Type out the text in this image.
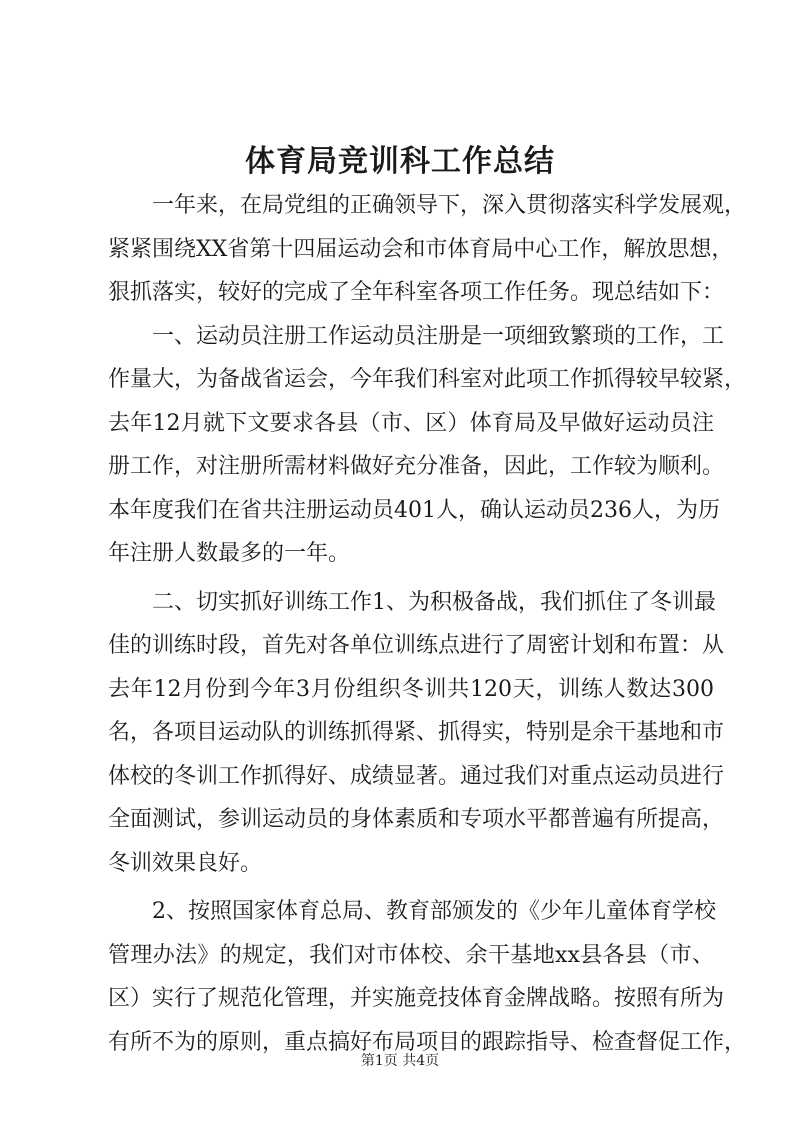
体育局竞训科工作总结
一年来，在局党组的正确领导下，深入贯彻落实科学发展观，
紧紧围绕XX省第十四届运动会和市体育局中心工作，解放思想，
狠抓落实，较好的完成了全年科室各项工作任务。现总结如下：
一、运动员注册工作运动员注册是一项细致繁琐的工作，工
作量大，为备战省运会，今年我们科室对此项工作抓得较早较紧，
去年12月就下文要求各县（市、区）体育局及早做好运动员注
册工作，对注册所需材料做好充分准备，因此，工作较为顺利。
本年度我们在省共注册运动员401人，确认运动员236人，为历
年注册人数最多的一年。
二、切实抓好训练工作1、为积极备战，我们抓住了冬训最
佳的训练时段，首先对各单位训练点进行了周密计划和布置：从
去年12月份到今年3月份组织冬训共120天，训练人数达300
名，各项目运动队的训练抓得紧、抓得实，特别是余干基地和市
体校的冬训工作抓得好、成绩显著。通过我们对重点运动员进行
全面测试，参训运动员的身体素质和专项水平都普遍有所提高，
冬训效果良好。
2、按照国家体育总局、教育部颁发的《少年儿童体育学校
管理办法》的规定，我们对市体校、余干基地xx县各县（市、
区）实行了规范化管理，并实施竞技体育金牌战略。按照有所为
有所不为的原则，重点搞好布局项目的跟踪指导、检查督促工作，
第1页 共4页
